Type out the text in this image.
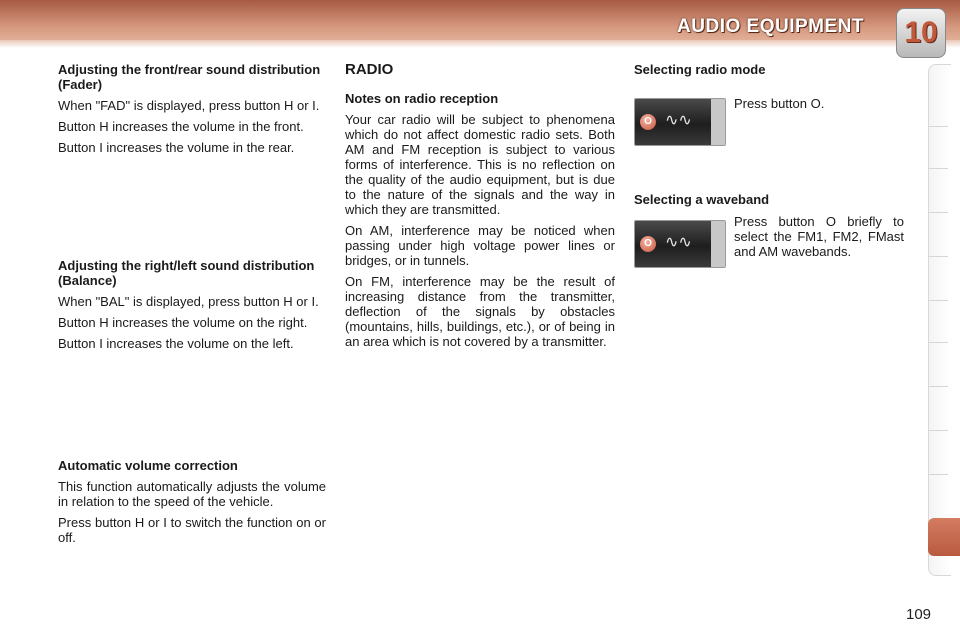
AUDIO EQUIPMENT 10
Adjusting the front/rear sound distribution (Fader)

When "FAD" is displayed, press button H or I.

Button H increases the volume in the front.

Button I increases the volume in the rear.

Adjusting the right/left sound distribution (Balance)

When "BAL" is displayed, press button H or I.

Button H increases the volume on the right.

Button I increases the volume on the left.

Automatic volume correction

This function automatically adjusts the volume in relation to the speed of the vehicle.

Press button H or I to switch the function on or off.

RADIO
Notes on radio reception

Your car radio will be subject to phenomena which do not affect domestic radio sets. Both AM and FM reception is subject to various forms of interference. This is no reflection on the quality of the audio equipment, but is due to the nature of the signals and the way in which they are transmitted.

On AM, interference may be noticed when passing under high voltage power lines or bridges, or in tunnels.

On FM, interference may be the result of increasing distance from the transmitter, deflection of the signals by obstacles (mountains, hills, buildings, etc.), or of being in an area which is not covered by a transmitter.

Selecting radio mode
O ∿∿
Press button O.
Selecting a waveband
O ∿∿

Press button O briefly to select the FM1, FM2, FMast and AM wavebands.

109
